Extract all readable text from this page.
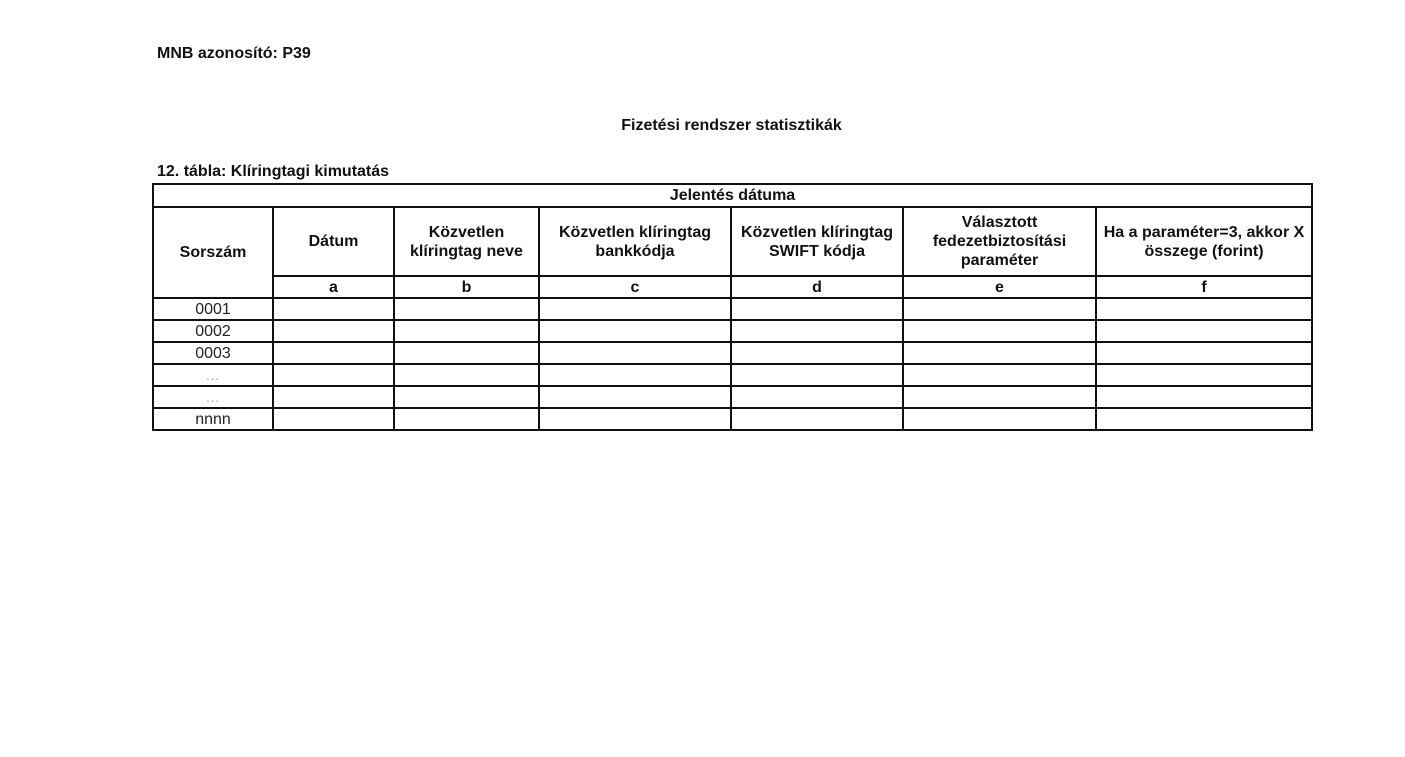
MNB azonosító: P39
Fizetési rendszer statisztikák
12. tábla: Klíringtagi kimutatás
Jelentés dátuma						
Sorszám	Dátum	Közvetlen klíringtag neve	Közvetlen klíringtag bankkódja	Közvetlen klíringtag SWIFT kódja	Választott fedezetbiztosítási paraméter	Ha a paraméter=3, akkor X összege (forint)
	a	b	c	d	e	f
0001						
0002						
0003						
...						
...						
nnnn						
